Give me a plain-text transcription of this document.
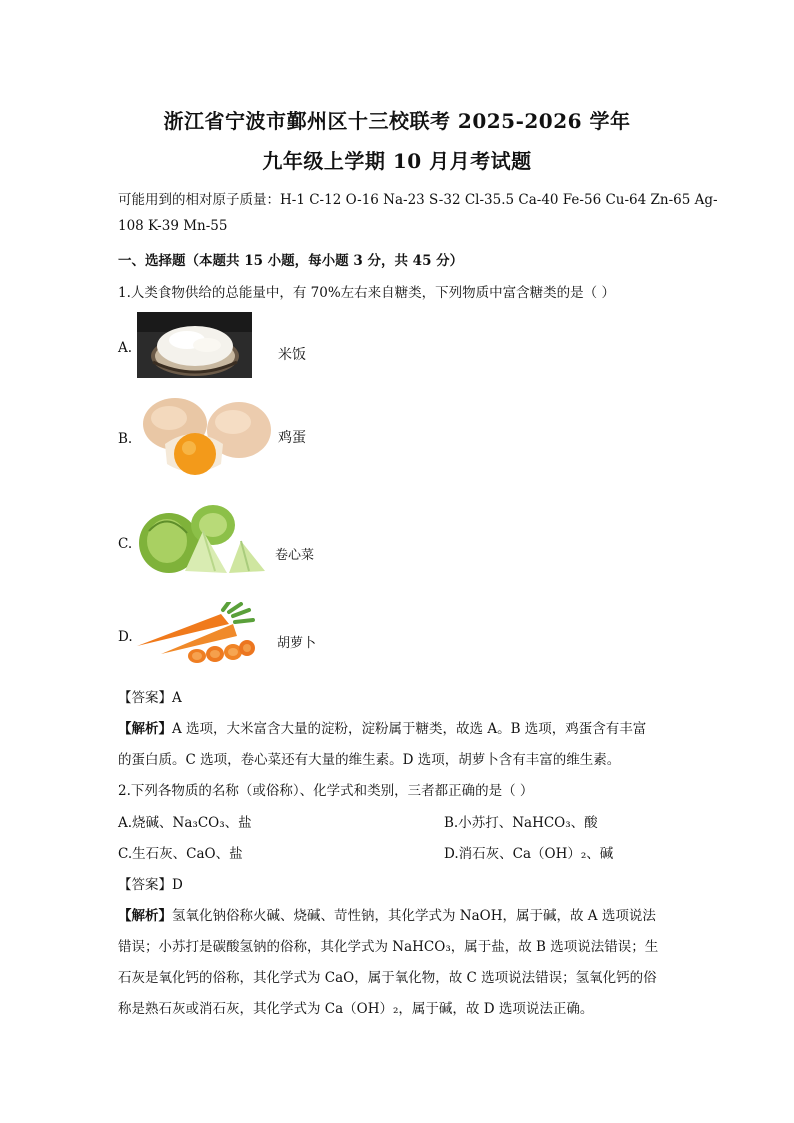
浙江省宁波市鄞州区十三校联考 2025-2026 学年
九年级上学期 10 月月考试题
可能用到的相对原子质量：H-1 C-12 O-16 Na-23 S-32 Cl-35.5 Ca-40 Fe-56 Cu-64 Zn-65 Ag-
108 K-39 Mn-55
一、选择题（本题共 15 小题，每小题 3 分，共 45 分）
1.人类食物供给的总能量中，有 70%左右来自糖类，下列物质中富含糖类的是（ ）
A.	米饭
B.	鸡蛋
C.
卷心菜
D.	胡萝卜
【答案】A
【解析】A 选项，大米富含大量的淀粉，淀粉属于糖类，故选 A。B 选项，鸡蛋含有丰富
的蛋白质。C 选项，卷心菜还有大量的维生素。D 选项，胡萝卜含有丰富的维生素。
2.下列各物质的名称（或俗称）、化学式和类别，三者都正确的是（ ）
A.烧碱、Na₃CO₃、盐	B.小苏打、NaHCO₃、酸
C.生石灰、CaO、盐	D.消石灰、Ca（OH）₂、碱
【答案】D
【解析】氢氧化钠俗称火碱、烧碱、苛性钠，其化学式为 NaOH，属于碱，故 A 选项说法
错误；小苏打是碳酸氢钠的俗称，其化学式为 NaHCO₃，属于盐，故 B 选项说法错误；生
石灰是氧化钙的俗称，其化学式为 CaO，属于氧化物，故 C 选项说法错误；氢氧化钙的俗
称是熟石灰或消石灰，其化学式为 Ca（OH）₂，属于碱，故 D 选项说法正确。
